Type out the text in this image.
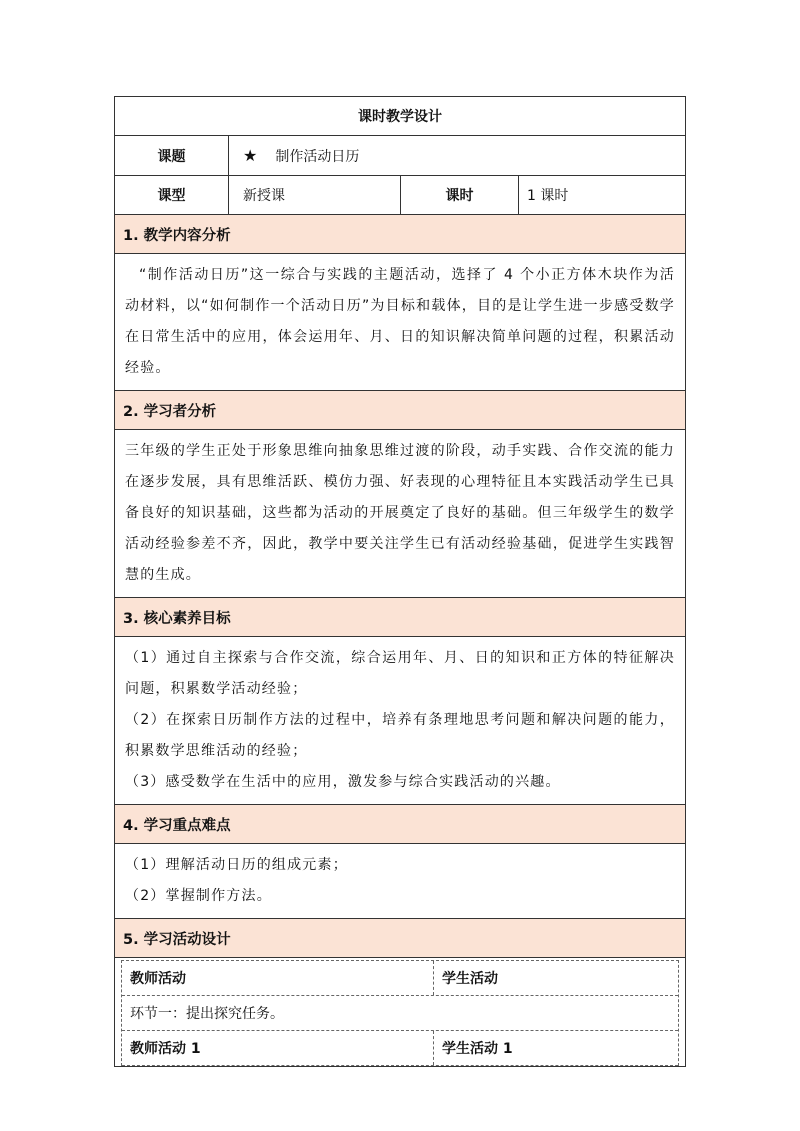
课时教学设计
课题	★ 制作活动日历
课型	新授课	课时	1 课时
1. 教学内容分析

“制作活动日历”这一综合与实践的主题活动，选择了 4 个小正方体木块作为活动材料，以“如何制作一个活动日历”为目标和载体，目的是让学生进一步感受数学在日常生活中的应用，体会运用年、月、日的知识解决简单问题的过程，积累活动经验。

2. 学习者分析

三年级的学生正处于形象思维向抽象思维过渡的阶段，动手实践、合作交流的能力在逐步发展，具有思维活跃、模仿力强、好表现的心理特征且本实践活动学生已具备良好的知识基础，这些都为活动的开展奠定了良好的基础。但三年级学生的数学活动经验参差不齐，因此，教学中要关注学生已有活动经验基础，促进学生实践智慧的生成。

3. 核心素养目标

（1）通过自主探索与合作交流，综合运用年、月、日的知识和正方体的特征解决问题，积累数学活动经验；

（2）在探索日历制作方法的过程中，培养有条理地思考问题和解决问题的能力，积累数学思维活动的经验；

（3）感受数学在生活中的应用，激发参与综合实践活动的兴趣。

4. 学习重点难点

（1）理解活动日历的组成元素；

（2）掌握制作方法。

5. 学习活动设计
教师活动	学生活动
环节一：提出探究任务。
教师活动 1	学生活动 1
